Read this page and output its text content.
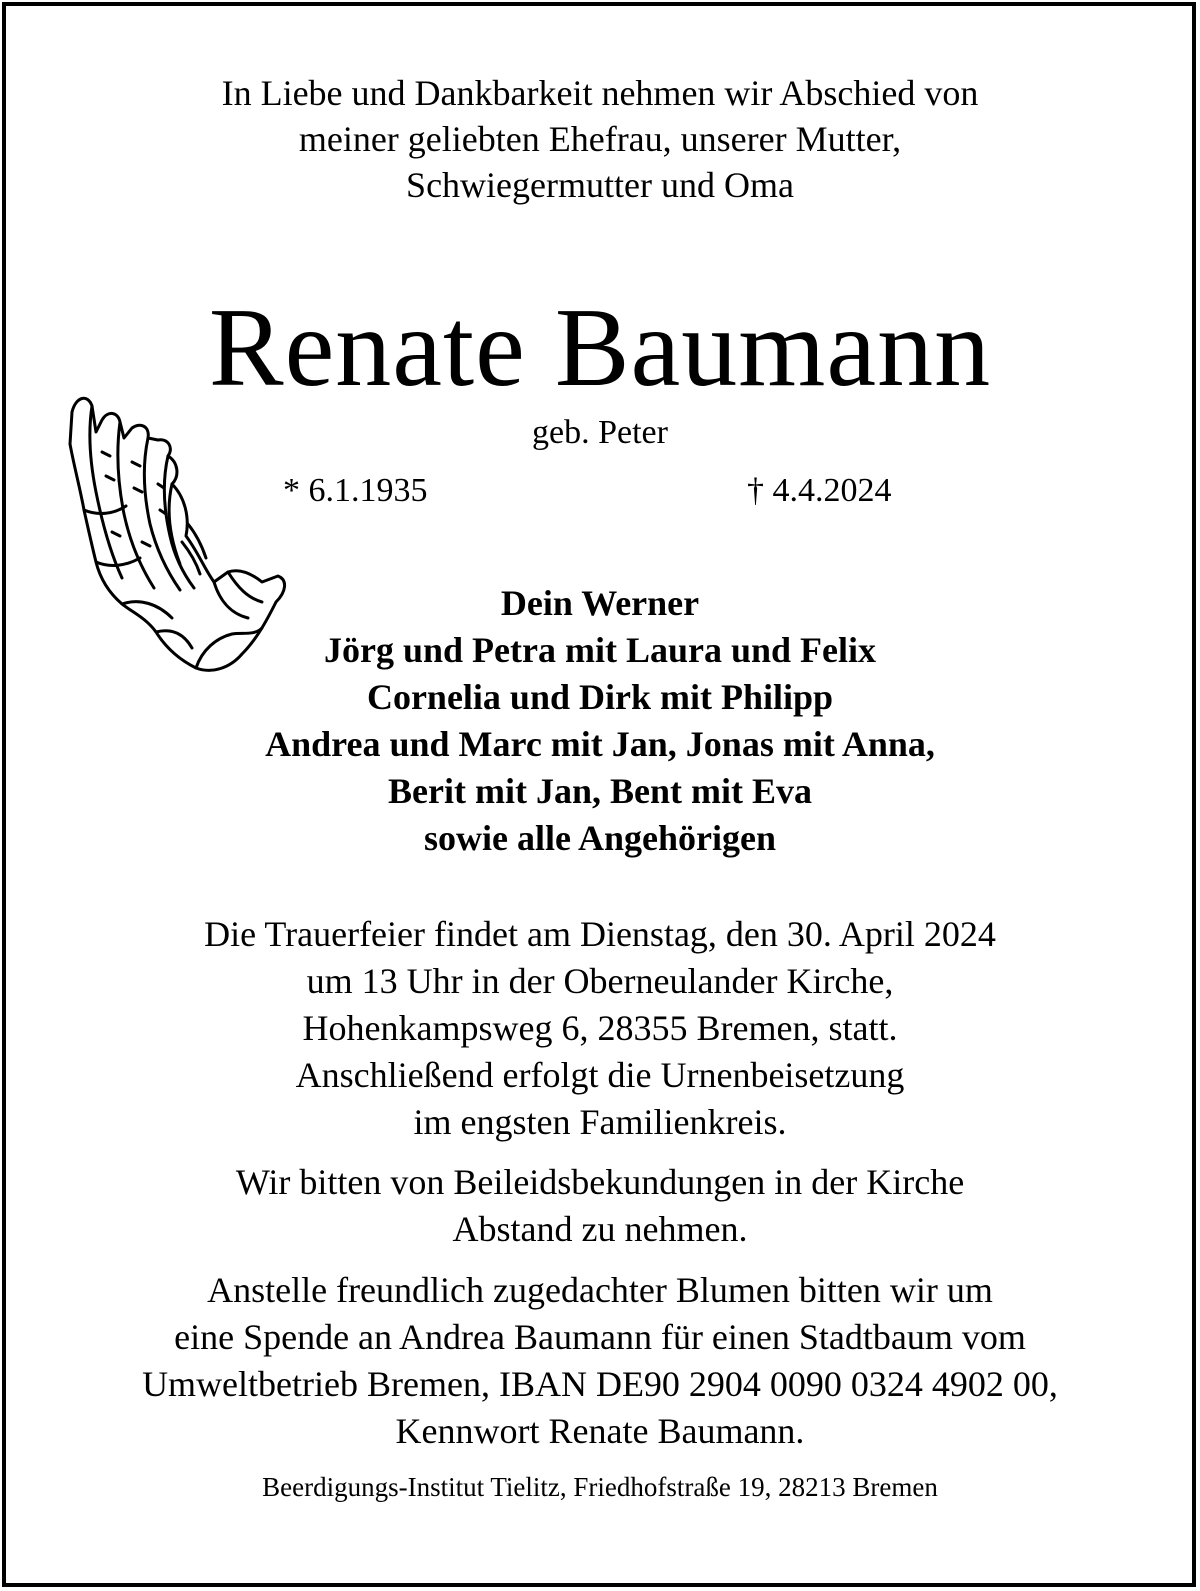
In Liebe und Dankbarkeit nehmen wir Abschied von
meiner geliebten Ehefrau, unserer Mutter,
Schwiegermutter und Oma
Renate Baumann
geb. Peter
* 6.1.1935	† 4.4.2024
Dein Werner
Jörg und Petra mit Laura und Felix
Cornelia und Dirk mit Philipp
Andrea und Marc mit Jan, Jonas mit Anna,
Berit mit Jan, Bent mit Eva
sowie alle Angehörigen
Die Trauerfeier findet am Dienstag, den 30. April 2024
um 13 Uhr in der Oberneulander Kirche,
Hohenkampsweg 6, 28355 Bremen, statt.
Anschließend erfolgt die Urnenbeisetzung
im engsten Familienkreis.
Wir bitten von Beileidsbekundungen in der Kirche
Abstand zu nehmen.
Anstelle freundlich zugedachter Blumen bitten wir um
eine Spende an Andrea Baumann für einen Stadtbaum vom
Umweltbetrieb Bremen, IBAN DE90 2904 0090 0324 4902 00,
Kennwort Renate Baumann.
Beerdigungs-Institut Tielitz, Friedhofstraße 19, 28213 Bremen
